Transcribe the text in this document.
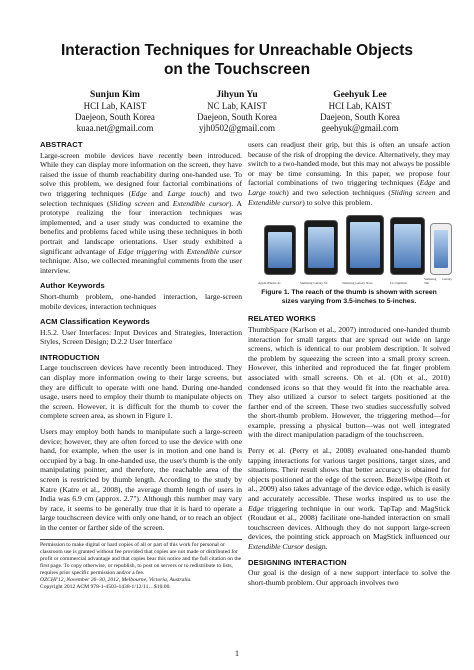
Interaction Techniques for Unreachable Objects
on the Touchscreen
Sunjun Kim
HCI Lab, KAIST
Daejeon, South Korea
kuaa.net@gmail.com
Jihyun Yu
NC Lab, KAIST
Daejeon, South Korea
yjh0502@gmail.com
Geehyuk Lee
HCI Lab, KAIST
Daejeon, South Korea
geehyuk@gmail.com
ABSTRACT
Large-screen mobile devices have recently been introduced. While they can display more information on the screen, they have raised the issue of thumb reachability during one-handed use. To solve this problem, we designed four factorial combinations of two triggering techniques (Edge and Large touch) and two selection techniques (Sliding screen and Extendible cursor). A prototype realizing the four interaction techniques was implemented, and a user study was conducted to examine the benefits and problems faced while using these techniques in both portrait and landscape orientations. User study exhibited a significant advantage of Edge triggering with Extendible cursor technique. Also, we collected meaningful comments from the user interview.
Author Keywords
Short-thumb problem, one-handed interaction, large-screen mobile devices, interaction techniques
ACM Classification Keywords
H.5.2. User Interfaces: Input Devices and Strategies, Interaction Styles, Screen Design; D.2.2 User Interface
INTRODUCTION
Large touchscreen devices have recently been introduced. They can display more information owing to their large screens, but they are difficult to operate with one hand. During one-handed usage, users need to employ their thumb to manipulate objects on the screen. However, it is difficult for the thumb to cover the complete screen area, as shown in Figure 1.
Users may employ both hands to manipulate such a large-screen device; however, they are often forced to use the device with one hand, for example, when the user is in motion and one hand is occupied by a bag. In one-handed use, the user's thumb is the only manipulating pointer, and therefore, the reachable area of the screen is restricted by thumb length. According to the study by Katre (Katre et al., 2008), the average thumb length of users in India was 6.9 cm (approx. 2.7"). Although this number may vary by race, it seems to be generally true that it is hard to operate a large touchscreen device with only one hand, or to reach an object in the center or farther side of the screen.
Permission to make digital or hard copies of all or part of this work for personal or classroom use is granted without fee provided that copies are not made or distributed for profit or commercial advantage and that copies bear this notice and the full citation on the first page. To copy otherwise, or republish, to post on servers or to redistribute to lists, requires prior specific permission and/or a fee.
OZCHI'12, November 26–30, 2012, Melbourne, Victoria, Australia.
Copyright 2012 ACM 978-1-4503-1438-1/12/11…$10.00.
users can readjust their grip, but this is often an unsafe action because of the risk of dropping the device. Alternatively, they may switch to a two-handed mode, but this may not always be possible or may be time consuming. In this paper, we propose four factorial combinations of two triggering techniques (Edge and Large touch) and two selection techniques (Sliding screen and Extendible cursor) to solve this problem.
Apple iPhone 4s	Samsung Galaxy S2	Samsung Galaxy Note	LG Optimus
Samsung Galaxy Tab
Figure 1. The reach of the thumb is shown with screen sizes varying from 3.5-inches to 5-inches.
RELATED WORKS
ThumbSpace (Karlson et al., 2007) introduced one-handed thumb interaction for small targets that are spread out wide on large screens, which is identical to our problem description. It solved the problem by squeezing the screen into a small proxy screen. However, this inherited and reproduced the fat finger problem associated with small screens. Oh et al. (Oh et al., 2010) condensed icons so that they would fit into the reachable area. They also utilized a cursor to select targets positioned at the farther end of the screen. These two studies successfully solved the short-thumb problem. However, the triggering method—for example, pressing a physical button—was not well integrated with the direct manipulation paradigm of the touchscreen.
Perry et al. (Perry et al., 2008) evaluated one-handed thumb tapping interactions for various target positions, target sizes, and situations. Their result shows that better accuracy is obtained for objects positioned at the edge of the screen. BezelSwipe (Roth et al., 2009) also takes advantage of the device edge, which is easily and accurately accessible. These works inspired us to use the Edge triggering technique in our work. TapTap and MagStick (Roudaut et al., 2008) facilitate one-handed interaction on small touchscreen devices. Although they do not support large-screen devices, the pointing stick approach on MagStick influenced our Extendible Cursor design.
DESIGNING INTERACTION
Our goal is the design of a new support interface to solve the short-thumb problem. Our approach involves two
1
